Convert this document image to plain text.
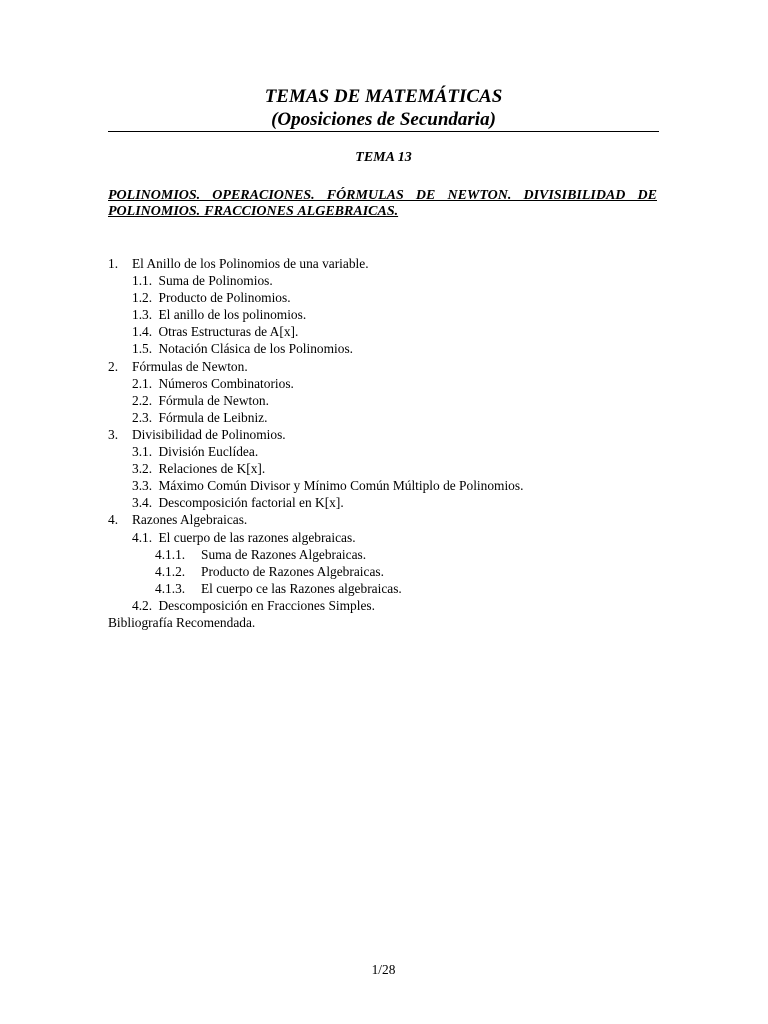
TEMAS DE MATEMÁTICAS
(Oposiciones de Secundaria)
TEMA 13
POLINOMIOS. OPERACIONES. FÓRMULAS DE NEWTON. DIVISIBILIDAD DE POLINOMIOS. FRACCIONES ALGEBRAICAS.
1. El Anillo de los Polinomios de una variable.
1.1. Suma de Polinomios.
1.2. Producto de Polinomios.
1.3. El anillo de los polinomios.
1.4. Otras Estructuras de A[x].
1.5. Notación Clásica de los Polinomios.
2. Fórmulas de Newton.
2.1. Números Combinatorios.
2.2. Fórmula de Newton.
2.3. Fórmula de Leibniz.
3. Divisibilidad de Polinomios.
3.1. División Euclídea.
3.2. Relaciones de K[x].
3.3. Máximo Común Divisor y Mínimo Común Múltiplo de Polinomios.
3.4. Descomposición factorial en K[x].
4. Razones Algebraicas.
4.1. El cuerpo de las razones algebraicas.
4.1.1. Suma de Razones Algebraicas.
4.1.2. Producto de Razones Algebraicas.
4.1.3. El cuerpo ce las Razones algebraicas.
4.2. Descomposición en Fracciones Simples.
Bibliografía Recomendada.
1/28
